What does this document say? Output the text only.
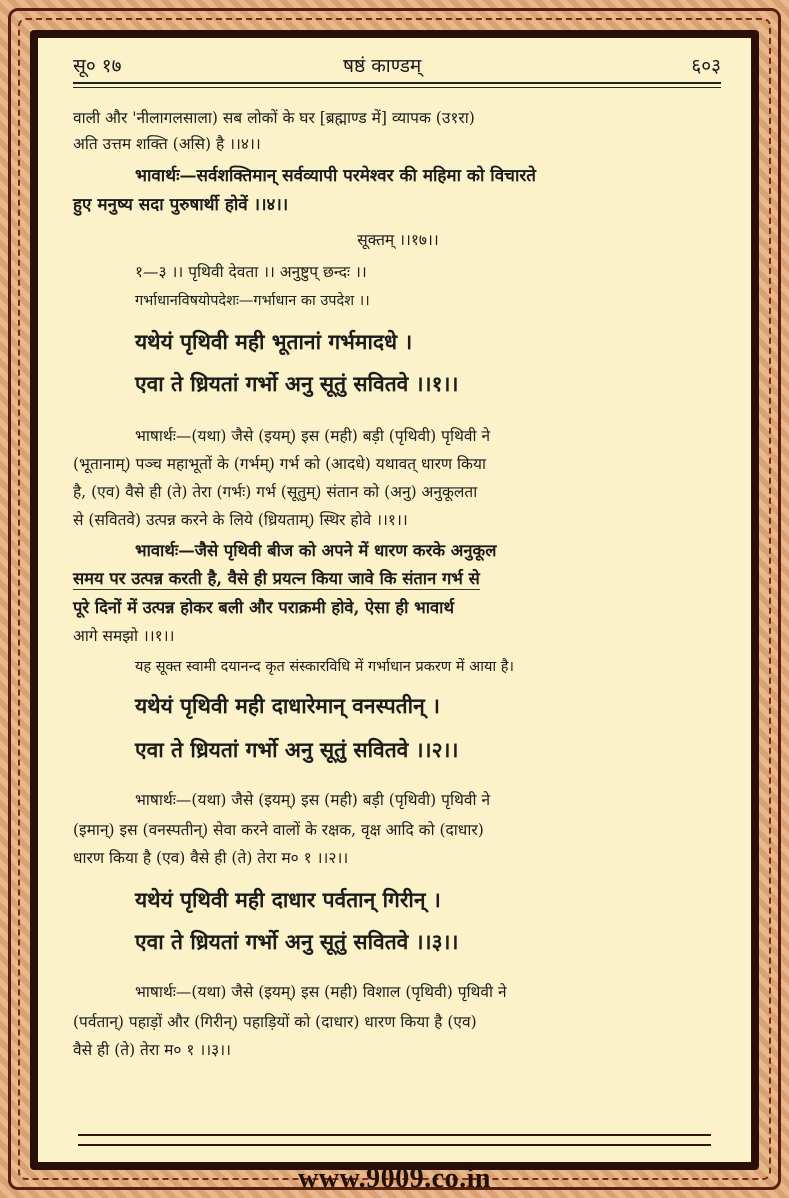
सू० १७	षष्ठं काण्डम्	६०३
वाली और 'नीलागलसाला) सब लोकों के घर [ब्रह्माण्ड में] व्यापक (उ१रा)
अति उत्तम शक्ति (असि) है ।।४।।
भावार्थः—सर्वशक्तिमान् सर्वव्यापी परमेश्वर की महिमा को विचारते
हुए मनुष्य सदा पुरुषार्थी होवें ।।४।।
सूक्तम् ।।१७।।
१—३ ।। पृथिवी देवता ।। अनुष्टुप् छन्दः ।।
गर्भाधानविषयोपदेशः—गर्भाधान का उपदेश ।।
यथेयं पृथिवी मही भूतानां गर्भमादधे ।
एवा ते ध्रियतां गर्भो अनु सूतुं सवितवे ।।१।।
भाषार्थः—(यथा) जैसे (इयम्) इस (मही) बड़ी (पृथिवी) पृथिवी ने
(भूतानाम्) पञ्च महाभूतों के (गर्भम्) गर्भ को (आदधे) यथावत् धारण किया
है, (एव) वैसे ही (ते) तेरा (गर्भः) गर्भ (सूतुम्) संतान को (अनु) अनुकूलता
से (सवितवे) उत्पन्न करने के लिये (ध्रियताम्) स्थिर होवे ।।१।।
भावार्थः—जैसे पृथिवी बीज को अपने में धारण करके अनुकूल
समय पर उत्पन्न करती है, वैसे ही प्रयत्न किया जावे कि संतान गर्भ से
पूरे दिनों में उत्पन्न होकर बली और पराक्रमी होवे, ऐसा ही भावार्थ
आगे समझो ।।१।।
यह सूक्त स्वामी दयानन्द कृत संस्कारविधि में गर्भाधान प्रकरण में आया है।
यथेयं पृथिवी मही दाधारेमान् वनस्पतीन् ।
एवा ते ध्रियतां गर्भो अनु सूतुं सवितवे ।।२।।
भाषार्थः—(यथा) जैसे (इयम्) इस (मही) बड़ी (पृथिवी) पृथिवी ने
(इमान्) इस (वनस्पतीन्) सेवा करने वालों के रक्षक, वृक्ष आदि को (दाधार)
धारण किया है (एव) वैसे ही (ते) तेरा म० १ ।।२।।
यथेयं पृथिवी मही दाधार पर्वतान् गिरीन् ।
एवा ते ध्रियतां गर्भो अनु सूतुं सवितवे ।।३।।
भाषार्थः—(यथा) जैसे (इयम्) इस (मही) विशाल (पृथिवी) पृथिवी ने
(पर्वतान्) पहाड़ों और (गिरीन्) पहाड़ियों को (दाधार) धारण किया है (एव)
वैसे ही (ते) तेरा म० १ ।।३।।
www.9009.co.in
